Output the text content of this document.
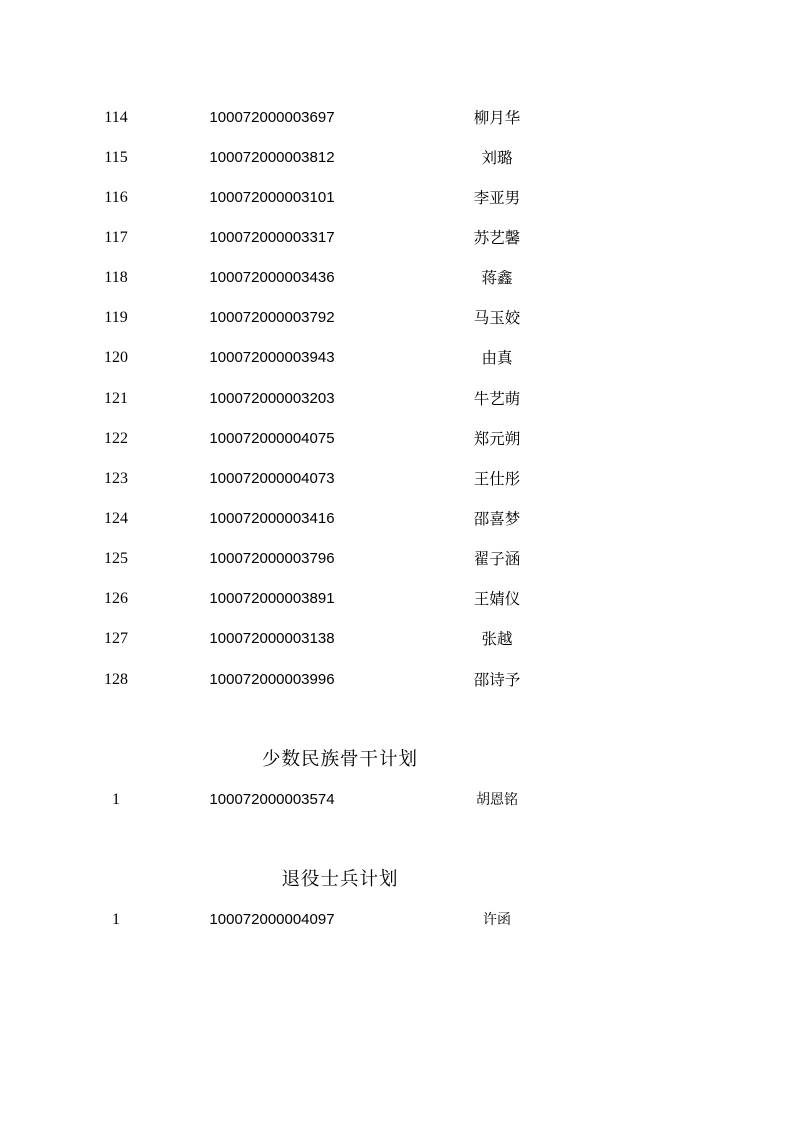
114	100072000003697	柳月华
115	100072000003812	刘璐
116	100072000003101	李亚男
117	100072000003317	苏艺馨
118	100072000003436	蒋鑫
119	100072000003792	马玉姣
120	100072000003943	由真
121	100072000003203	牛艺萌
122	100072000004075	郑元朔
123	100072000004073	王仕彤
124	100072000003416	邵喜梦
125	100072000003796	翟子涵
126	100072000003891	王婧仪
127	100072000003138	张越
128	100072000003996	邵诗予
少数民族骨干计划
1	100072000003574	胡恩铭
退役士兵计划
1	100072000004097	许函
